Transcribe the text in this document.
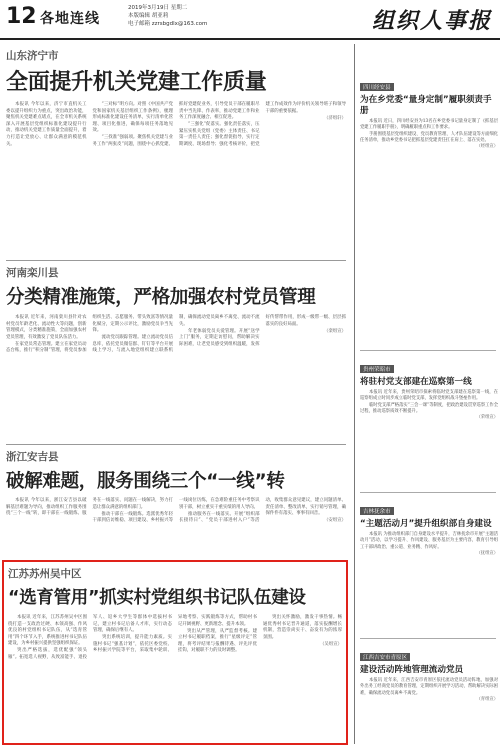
12 各地连线
2019年3月19日 星期二
本版编辑 胡亚莉
电子邮箱 zzrsbgdlx@163.com	组织人事报
山东济宁市
全面提升机关党建工作质量

本报讯 今年以来，济宁市直机关工委以提升组织力为重点，突出政治功能，聚焦机关党建难点堵点，在全市机关系统深入开展基层党组织标准化建设提升行动，推动机关党建工作质量全面提升，着力打造让党放心、让群众满意的模范机关。

“三对标”明方向。对照《中国共产党党和国家机关基层组织工作条例》，梳理形成标准化建设任务清单，实行清单化管理、项目化推进，确保每项任务落地见效。

“三找准”强弱项。聚焦机关党建与业务工作“两张皮”问题，围绕中心抓党建、抓好党建促业务，引导党员干部在履职尽责中当先锋、作表率，推动党建工作和业务工作深度融合、相互促进。

“三强化”促落实。强化责任落实，压紧压实机关党组（党委）主体责任、书记第一责任人责任；强化督促指导，实行定期调度、现场督导；强化考核评价，把党建工作成效作为评价机关领导班子和领导干部的重要依据。

（济组轩）

河南栾川县
分类精准施策，严格加强农村党员管理

本报讯 近年来，河南栾川县针对农村党员年龄老化、流动性大等问题，创新管理模式，分类精准施策，全面加强农村党员管理，有效激发了党员队伍活力。

在家党员常态管理。建立在家党员动态台账，推行“积分制”管理，将党员参加组织生活、志愿服务、带头致富等情况量化赋分，定期公示评比，激励党员争当先锋。

流动党员跟踪管理。建立流动党员信息库，依托党员微信群、钉钉等平台开展线上学习，与流入地党组织建立联系机制，确保流动党员离乡不离党、流动不流失。

年老体弱党员关爱管理。开展“送学上门”服务，定期走访慰问，帮助解决实际困难，让老党员感受到组织温暖，发挥好传帮带作用，形成一级带一级、层层抓落实的良好局面。

（栾组宣）

浙江安吉县
破解难题，服务围绕三个“一线”转

本报讯 今年以来，浙江安吉县以破解基层难题为导向，推动组织工作服务围绕“三个一线”转，即干部在一线锻炼、服务在一线落实、问题在一线解决，努力打造让群众满意的组织部门。

推动干部在一线锻炼。选派优秀年轻干部到信访维稳、项目建设、乡村振兴等一线岗位历练，在急难险重任务中考察识别干部，树立重实干重实绩的用人导向。

推动服务在一线落实。开展“组织部长接待日”、“党员干部进村入户”等活动，收集群众意见建议，建立问题清单、责任清单、整改清单，实行销号管理，确保件件有落实、事事有回音。

（安组宣）

江苏苏州吴中区
“选育管用”抓实村党组织书记队伍建设

本报讯 近年来，江苏苏州吴中区围绕打造一支政治过硬、本领高强、作风优良的村党组织书记队伍，从“选育管用”四个环节入手，系统推进村书记队伍建设，为乡村振兴提供坚强组织保证。

突出严格选拔，选优配强“领头雁”。拓宽选人视野，从致富能手、退役军人、返乡大学生等群体中选拔村书记，建立村书记后备人才库，实行动态管理，确保后继有人。

突出系统培训，提升能力素质。实施村书记“强基计划”，依托区委党校、乡村振兴学院等平台，采取集中轮训、异地考察、实践锻炼等方式，帮助村书记开阔视野、更新理念、提升本领。

突出从严管理，从严监督考核。建立村书记履职档案，推行“星级评定”管理，将考评结果与报酬待遇、评先评优挂钩，对履职不力的及时调整。

突出关怀激励，激发干事热情。畅通优秀村书记晋升通道，落实报酬增长机制，营造崇尚实干、奋发有为的浓厚氛围。

（吴组宣）

四川经安县
为在乡党委“量身定制”履职须责手册

本报讯 近日，四川经安县为13名在乡党委书记量身定制了《抓基层党建工作履职手册》，明确履职重点和工作要求。

手册围绕基层党组织建设、党员教育管理、人才队伍建设等方面细化任务清单，推动乡党委书记把抓基层党建责任扛在肩上、落在实处。

（经组宣）

贵州荣昭市
将驻村党支部建在巡察第一线

本报讯 近年来，贵州荣昭市探索将临时党支部建在巡察第一线，在巡察组成立时同步成立临时党支部，发挥党组织战斗堡垒作用。

临时党支部严格落实“三会一课”等制度，把政治建设贯穿巡察工作全过程，推动巡察质效不断提升。

（荣组宣）

吉林抚余市
“主题活动月”提升组织部自身建设

本报讯 为推动组织部门自身建设水平提升，吉林抚余市开展“主题活动月”活动，以学习提升、作风建设、服务基层为主要内容，教育引导组工干部讲政治、重公道、业务精、作风好。

（抚组宣）

江西吉安市青原区
建设活动阵地管理流动党员

本报讯 近年来，江西吉安市青原区依托流动党员活动阵地，加强对外出务工经商党员的教育管理，定期组织开展学习活动，帮助解决实际困难，确保流动党员离乡不离党。

（青组宣）
